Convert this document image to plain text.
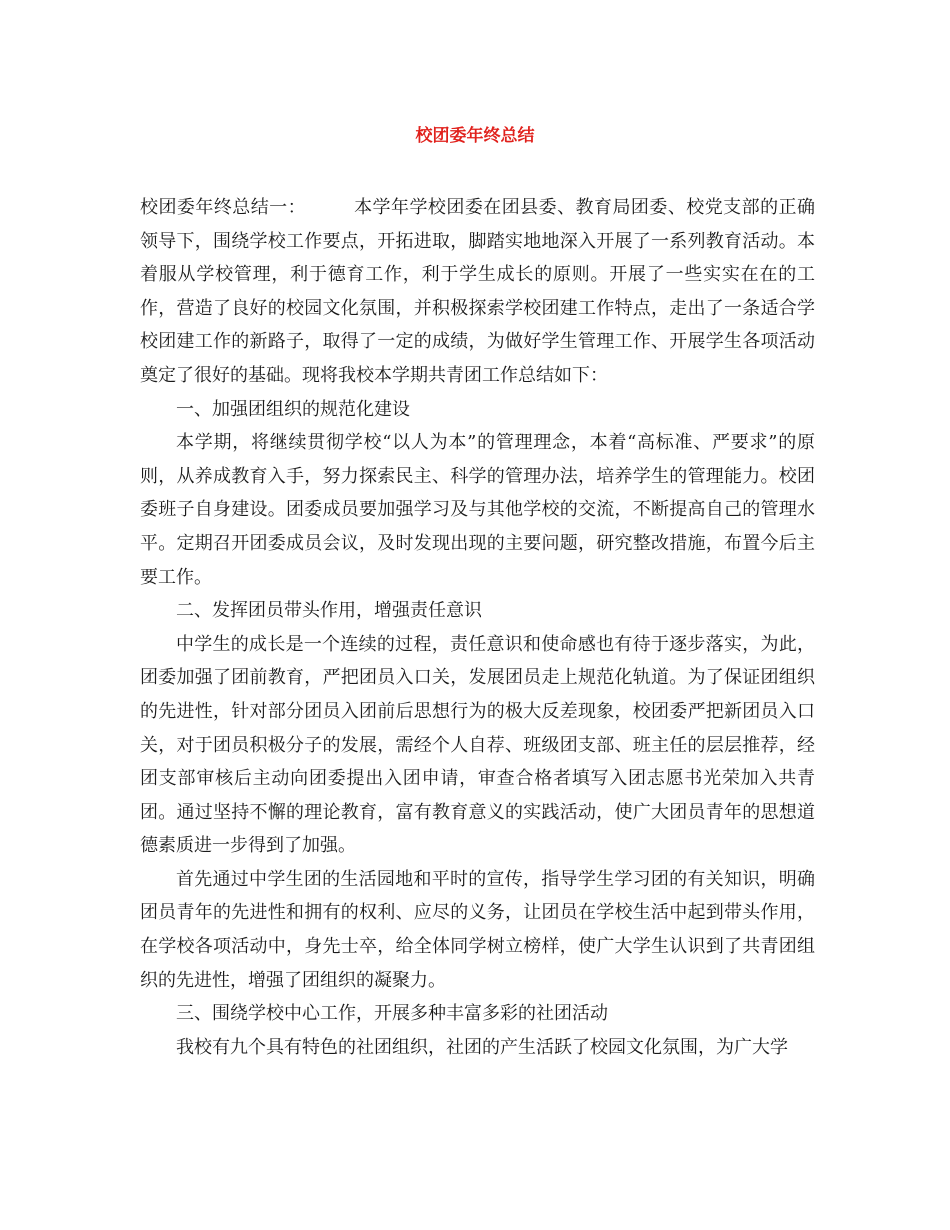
校团委年终总结

校团委年终总结一：	本学年学校团委在团县委、教育局团委、校党支部的正确领导下，围绕学校工作要点，开拓进取，脚踏实地地深入开展了一系列教育活动。本着服从学校管理，利于德育工作，利于学生成长的原则。开展了一些实实在在的工作，营造了良好的校园文化氛围，并积极探索学校团建工作特点，走出了一条适合学校团建工作的新路子，取得了一定的成绩，为做好学生管理工作、开展学生各项活动奠定了很好的基础。现将我校本学期共青团工作总结如下：

一、加强团组织的规范化建设

本学期，将继续贯彻学校“以人为本”的管理理念，本着“高标准、严要求”的原则，从养成教育入手，努力探索民主、科学的管理办法，培养学生的管理能力。校团委班子自身建设。团委成员要加强学习及与其他学校的交流，不断提高自己的管理水平。定期召开团委成员会议，及时发现出现的主要问题，研究整改措施，布置今后主要工作。

二、发挥团员带头作用，增强责任意识

中学生的成长是一个连续的过程，责任意识和使命感也有待于逐步落实，为此，团委加强了团前教育，严把团员入口关，发展团员走上规范化轨道。为了保证团组织的先进性，针对部分团员入团前后思想行为的极大反差现象，校团委严把新团员入口关，对于团员积极分子的发展，需经个人自荐、班级团支部、班主任的层层推荐，经团支部审核后主动向团委提出入团申请，审查合格者填写入团志愿书光荣加入共青团。通过坚持不懈的理论教育，富有教育意义的实践活动，使广大团员青年的思想道德素质进一步得到了加强。

首先通过中学生团的生活园地和平时的宣传，指导学生学习团的有关知识，明确团员青年的先进性和拥有的权利、应尽的义务，让团员在学校生活中起到带头作用，在学校各项活动中，身先士卒，给全体同学树立榜样，使广大学生认识到了共青团组织的先进性，增强了团组织的凝聚力。

三、围绕学校中心工作，开展多种丰富多彩的社团活动

我校有九个具有特色的社团组织，社团的产生活跃了校园文化氛围，为广大学
